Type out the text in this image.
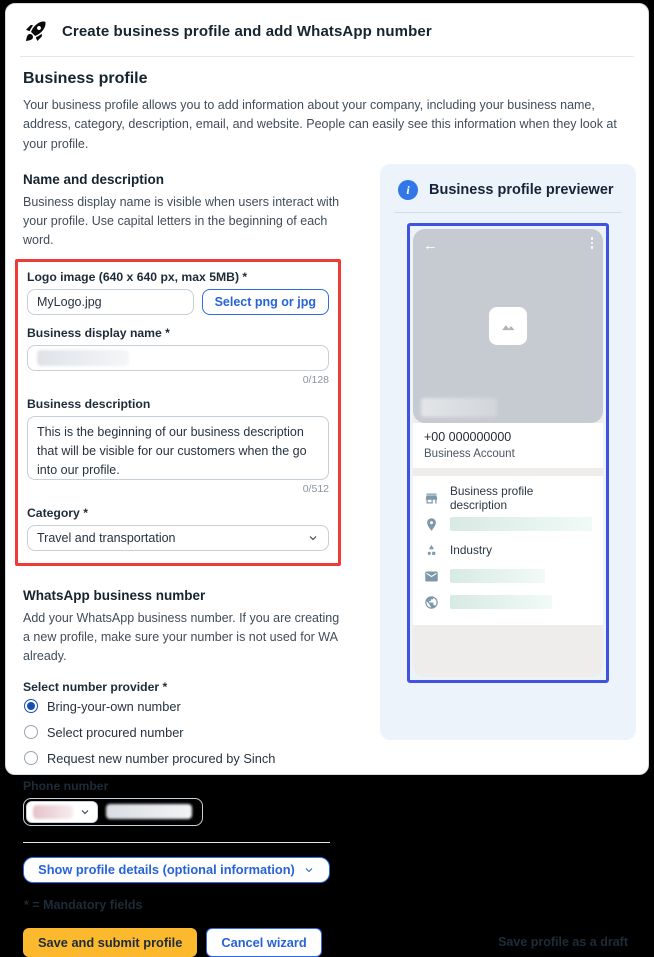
Create business profile and add WhatsApp number
Business profile

Your business profile allows you to add information about your company, including your business name, address, category, description, email, and website. People can easily see this information when they look at your profile.

Name and description

Business display name is visible when users interact with your profile. Use capital letters in the beginning of each word.

Logo image (640 x 640 px, max 5MB) *
MyLogo.jpg
Select png or jpg
Business display name *
0/128
Business description
This is the beginning of our business description that will be visible for our customers when the go into our profile.
0/512
Category *
Travel and transportation
WhatsApp business number

Add your WhatsApp business number. If you are creating a new profile, make sure your number is not used for WA already.

Select number provider *
Bring-your-own number
Select procured number
Request new number procured by Sinch
Phone number
Show profile details (optional information)
* = Mandatory fields
i	Business profile previewer
←
+00 000000000
Business Account
Business profile description
Industry
Save and submit profile	Cancel wizard	Save profile as a draft
